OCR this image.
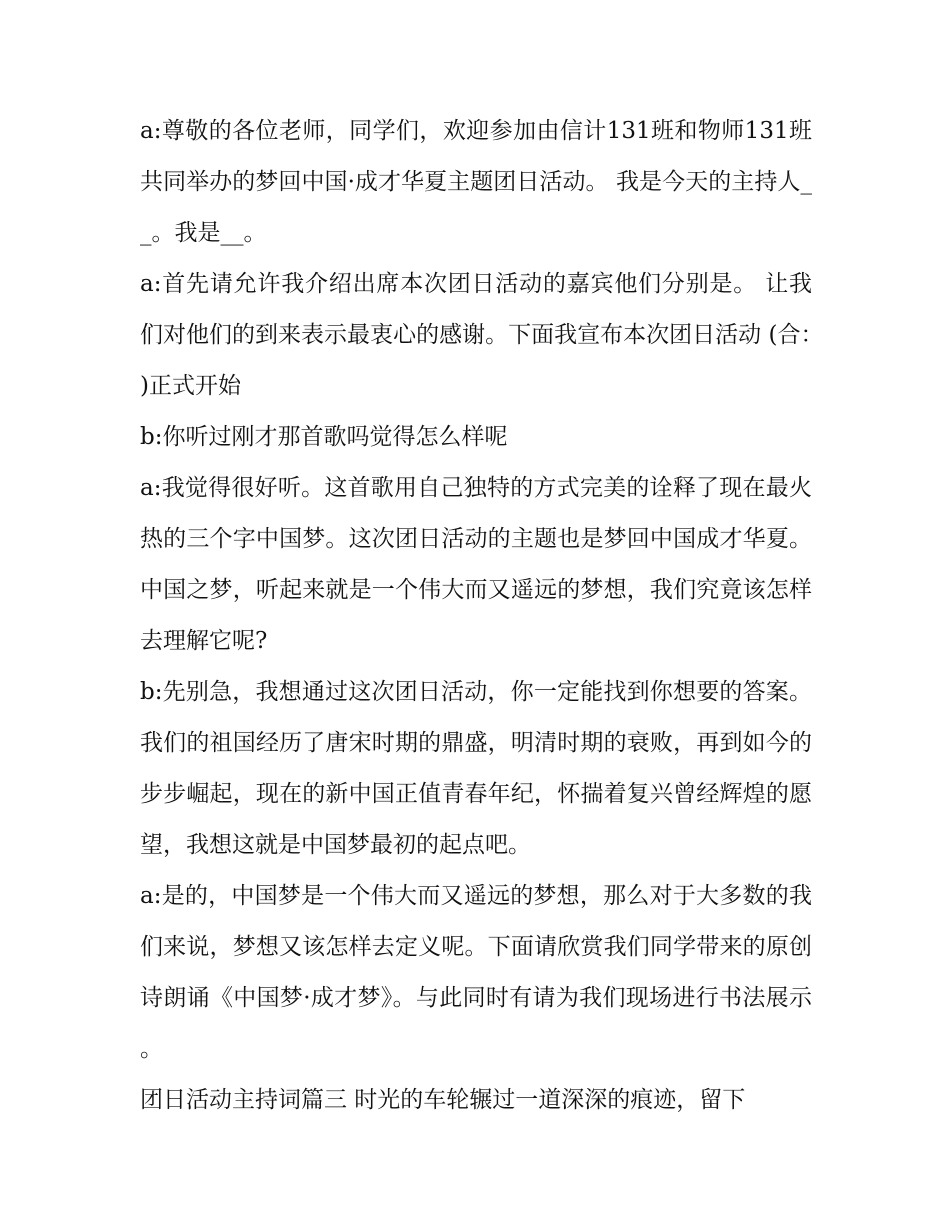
a:尊敬的各位老师，同学们，欢迎参加由信计131班和物师131班共同举办的梦回中国·成才华夏主题团日活动。 我是今天的主持人__。我是__。

a:首先请允许我介绍出席本次团日活动的嘉宾他们分别是。 让我们对他们的到来表示最衷心的感谢。下面我宣布本次团日活动 (合：)正式开始

b:你听过刚才那首歌吗觉得怎么样呢

a:我觉得很好听。这首歌用自己独特的方式完美的诠释了现在最火热的三个字中国梦。这次团日活动的主题也是梦回中国成才华夏。中国之梦，听起来就是一个伟大而又遥远的梦想，我们究竟该怎样去理解它呢?

b:先别急，我想通过这次团日活动，你一定能找到你想要的答案。我们的祖国经历了唐宋时期的鼎盛，明清时期的衰败，再到如今的步步崛起，现在的新中国正值青春年纪，怀揣着复兴曾经辉煌的愿望，我想这就是中国梦最初的起点吧。

a:是的，中国梦是一个伟大而又遥远的梦想，那么对于大多数的我们来说，梦想又该怎样去定义呢。下面请欣赏我们同学带来的原创诗朗诵《中国梦·成才梦》。与此同时有请为我们现场进行书法展示。

团日活动主持词篇三 时光的车轮辗过一道深深的痕迹，留下
